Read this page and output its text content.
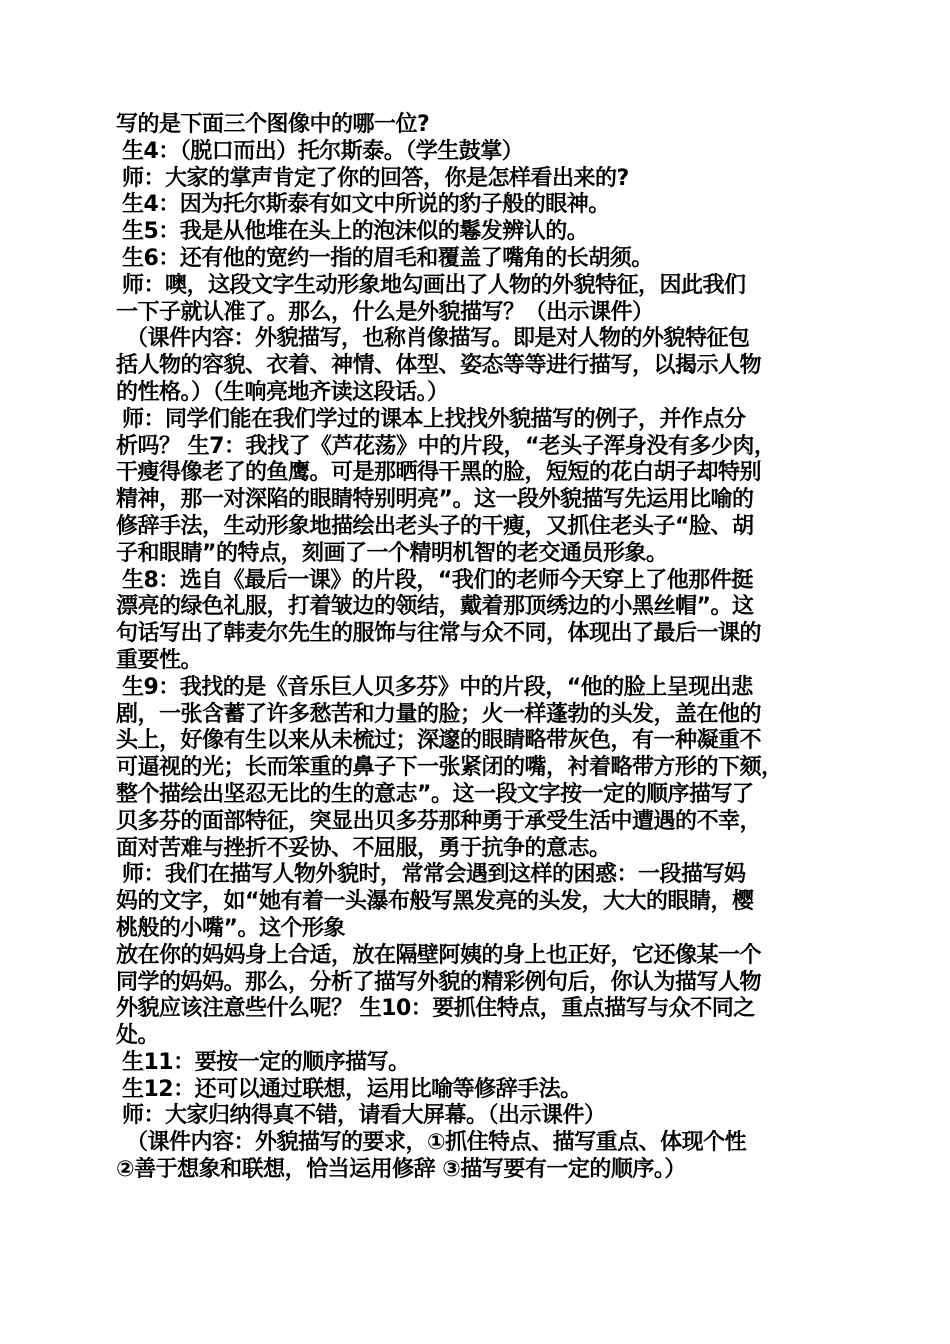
写的是下面三个图像中的哪一位?
生4：（脱口而出）托尔斯泰。（学生鼓掌）
师：大家的掌声肯定了你的回答，你是怎样看出来的?
生4：因为托尔斯泰有如文中所说的豹子般的眼神。
生5：我是从他堆在头上的泡沫似的鬈发辨认的。
生6：还有他的宽约一指的眉毛和覆盖了嘴角的长胡须。
师：噢，这段文字生动形象地勾画出了人物的外貌特征，因此我们
一下子就认准了。那么，什么是外貌描写？（出示课件）
（课件内容：外貌描写，也称肖像描写。即是对人物的外貌特征包
括人物的容貌、衣着、神情、体型、姿态等等进行描写，以揭示人物
的性格。）（生响亮地齐读这段话。）
师：同学们能在我们学过的课本上找找外貌描写的例子，并作点分
析吗？ 生7：我找了《芦花荡》中的片段，“老头子浑身没有多少肉，
干瘦得像老了的鱼鹰。可是那晒得干黑的脸，短短的花白胡子却特别
精神，那一对深陷的眼睛特别明亮”。这一段外貌描写先运用比喻的
修辞手法，生动形象地描绘出老头子的干瘦，又抓住老头子“脸、胡
子和眼睛”的特点，刻画了一个精明机智的老交通员形象。
生8：选自《最后一课》的片段，“我们的老师今天穿上了他那件挺
漂亮的绿色礼服，打着皱边的领结，戴着那顶绣边的小黑丝帽”。这
句话写出了韩麦尔先生的服饰与往常与众不同，体现出了最后一课的
重要性。
生9：我找的是《音乐巨人贝多芬》中的片段，“他的脸上呈现出悲
剧，一张含蓄了许多愁苦和力量的脸；火一样蓬勃的头发，盖在他的
头上，好像有生以来从未梳过；深邃的眼睛略带灰色，有一种凝重不
可逼视的光；长而笨重的鼻子下一张紧闭的嘴，衬着略带方形的下颏，
整个描绘出坚忍无比的生的意志”。这一段文字按一定的顺序描写了
贝多芬的面部特征，突显出贝多芬那种勇于承受生活中遭遇的不幸，
面对苦难与挫折不妥协、不屈服，勇于抗争的意志。
师：我们在描写人物外貌时，常常会遇到这样的困惑：一段描写妈
妈的文字，如“她有着一头瀑布般写黑发亮的头发，大大的眼睛，樱
桃般的小嘴”。这个形象
放在你的妈妈身上合适，放在隔壁阿姨的身上也正好，它还像某一个
同学的妈妈。那么，分析了描写外貌的精彩例句后，你认为描写人物
外貌应该注意些什么呢？ 生10：要抓住特点，重点描写与众不同之
处。
生11：要按一定的顺序描写。
生12：还可以通过联想，运用比喻等修辞手法。
师：大家归纳得真不错，请看大屏幕。（出示课件）
（课件内容：外貌描写的要求，①抓住特点、描写重点、体现个性
②善于想象和联想，恰当运用修辞 ③描写要有一定的顺序。）
